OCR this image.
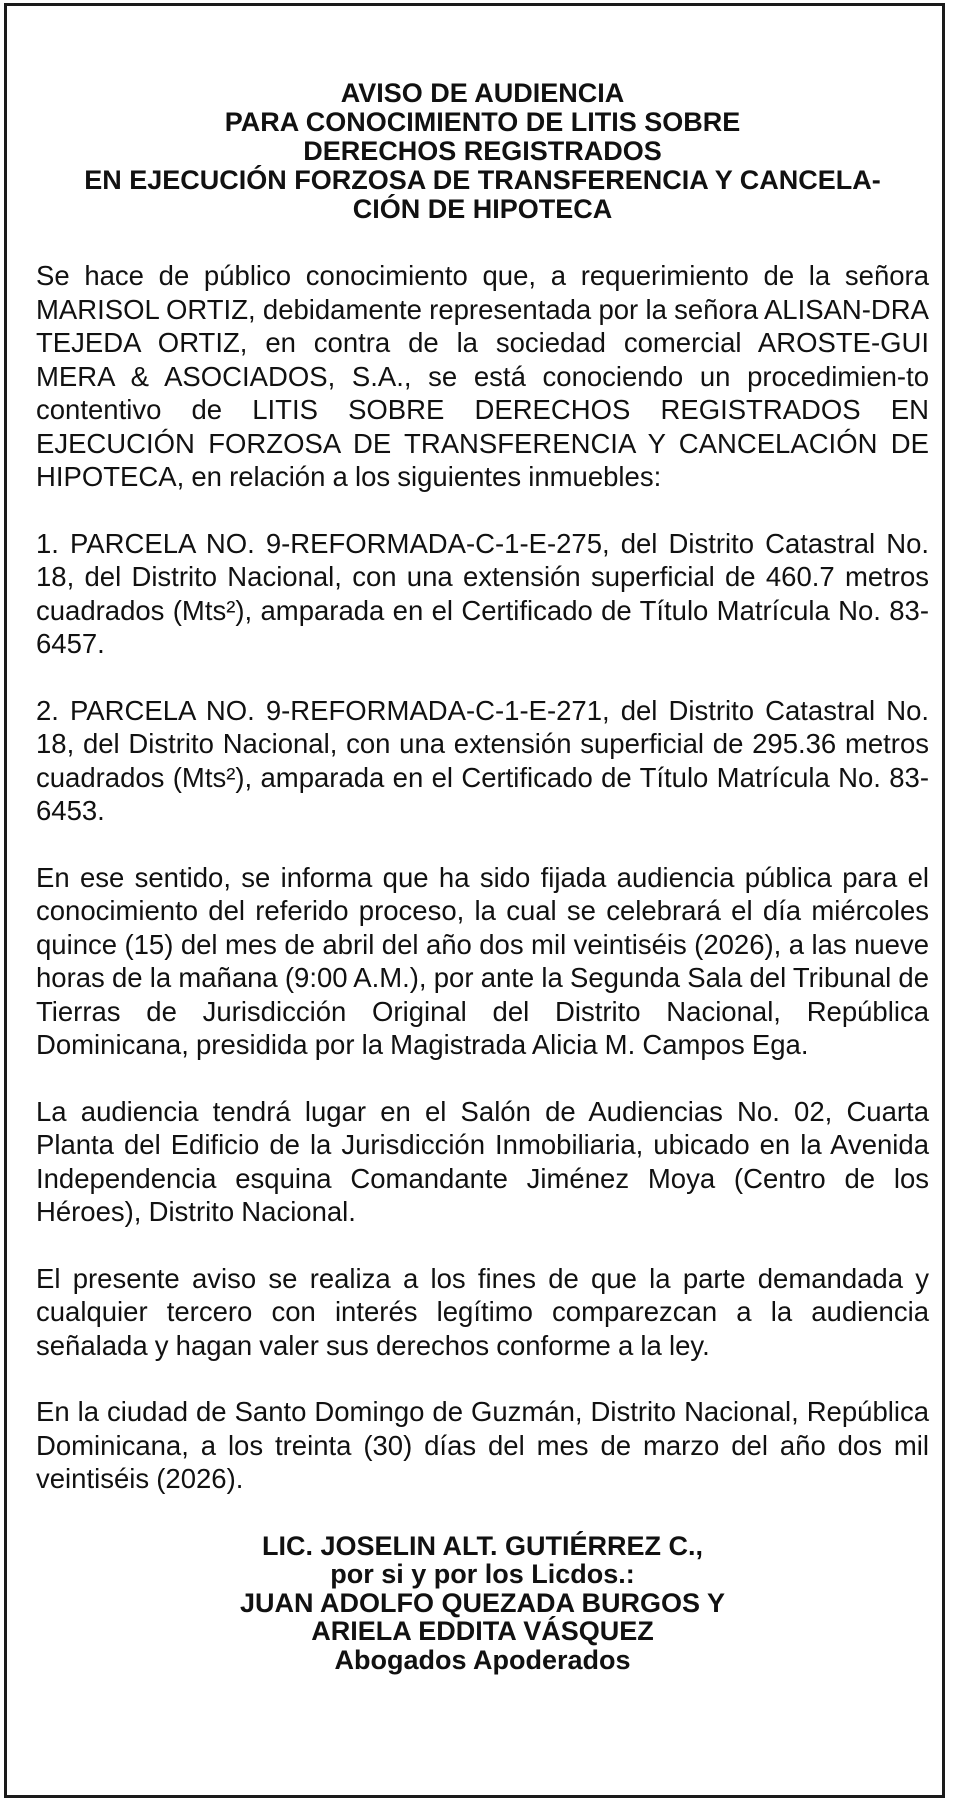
AVISO DE AUDIENCIA
PARA CONOCIMIENTO DE LITIS SOBRE
DERECHOS REGISTRADOS
EN EJECUCIÓN FORZOSA DE TRANSFERENCIA Y CANCELA-
CIÓN DE HIPOTECA

Se hace de público conocimiento que, a requerimiento de la señora MARISOL ORTIZ, debidamente representada por la señora ALISAN-DRA TEJEDA ORTIZ, en contra de la sociedad comercial AROSTE-GUI MERA & ASOCIADOS, S.A., se está conociendo un procedimien-to contentivo de LITIS SOBRE DERECHOS REGISTRADOS EN EJECUCIÓN FORZOSA DE TRANSFERENCIA Y CANCELACIÓN DE HIPOTECA, en relación a los siguientes inmuebles:

1. PARCELA NO. 9-REFORMADA-C-1-E-275, del Distrito Catastral No. 18, del Distrito Nacional, con una extensión superficial de 460.7 metros cuadrados (Mts²), amparada en el Certificado de Título Matrícula No. 83-6457.

2. PARCELA NO. 9-REFORMADA-C-1-E-271, del Distrito Catastral No. 18, del Distrito Nacional, con una extensión superficial de 295.36 metros cuadrados (Mts²), amparada en el Certificado de Título Matrícula No. 83-6453.

En ese sentido, se informa que ha sido fijada audiencia pública para el conocimiento del referido proceso, la cual se celebrará el día miércoles quince (15) del mes de abril del año dos mil veintiséis (2026), a las nueve horas de la mañana (9:00 A.M.), por ante la Segunda Sala del Tribunal de Tierras de Jurisdicción Original del Distrito Nacional, República Dominicana, presidida por la Magistrada Alicia M. Campos Ega.

La audiencia tendrá lugar en el Salón de Audiencias No. 02, Cuarta Planta del Edificio de la Jurisdicción Inmobiliaria, ubicado en la Avenida Independencia esquina Comandante Jiménez Moya (Centro de los Héroes), Distrito Nacional.

El presente aviso se realiza a los fines de que la parte demandada y cualquier tercero con interés legítimo comparezcan a la audiencia señalada y hagan valer sus derechos conforme a la ley.

En la ciudad de Santo Domingo de Guzmán, Distrito Nacional, República Dominicana, a los treinta (30) días del mes de marzo del año dos mil veintiséis (2026).

LIC. JOSELIN ALT. GUTIÉRREZ C.,
por si y por los Licdos.:
JUAN ADOLFO QUEZADA BURGOS Y
ARIELA EDDITA VÁSQUEZ
Abogados Apoderados
